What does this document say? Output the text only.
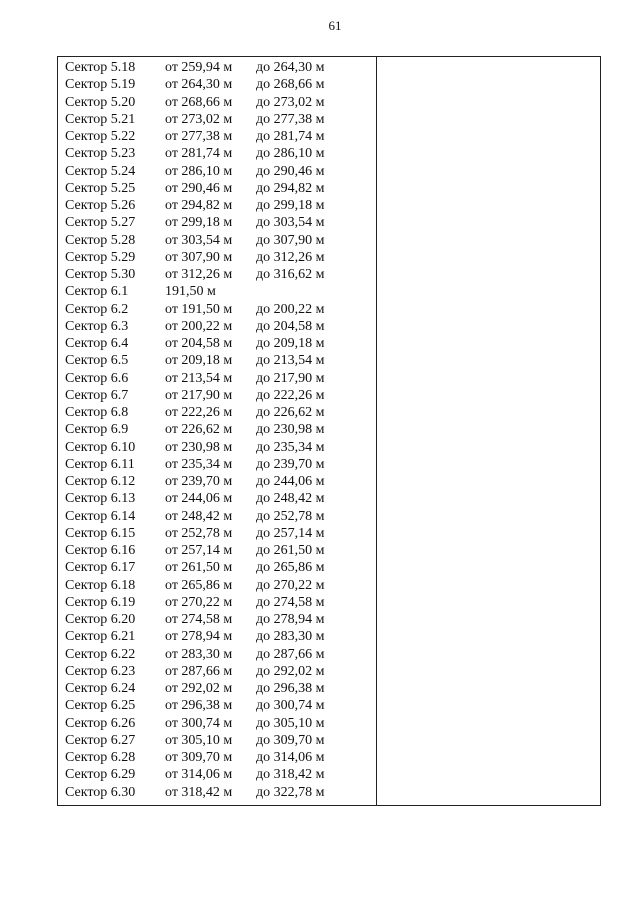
61
Сектор 5.18 от 259,94 м до 264,30 м
Сектор 5.19 от 264,30 м до 268,66 м
Сектор 5.20 от 268,66 м до 273,02 м
Сектор 5.21 от 273,02 м до 277,38 м
Сектор 5.22 от 277,38 м до 281,74 м
Сектор 5.23 от 281,74 м до 286,10 м
Сектор 5.24 от 286,10 м до 290,46 м
Сектор 5.25 от 290,46 м до 294,82 м
Сектор 5.26 от 294,82 м до 299,18 м
Сектор 5.27 от 299,18 м до 303,54 м
Сектор 5.28 от 303,54 м до 307,90 м
Сектор 5.29 от 307,90 м до 312,26 м
Сектор 5.30 от 312,26 м до 316,62 м
Сектор 6.1	191,50 м
Сектор 6.2	от 191,50 м до 200,22 м
Сектор 6.3	от 200,22 м до 204,58 м
Сектор 6.4	от 204,58 м до 209,18 м
Сектор 6.5	от 209,18 м до 213,54 м
Сектор 6.6	от 213,54 м до 217,90 м
Сектор 6.7	от 217,90 м до 222,26 м
Сектор 6.8	от 222,26 м до 226,62 м
Сектор 6.9	от 226,62 м до 230,98 м
Сектор 6.10 от 230,98 м до 235,34 м
Сектор 6.11 от 235,34 м до 239,70 м
Сектор 6.12 от 239,70 м до 244,06 м
Сектор 6.13 от 244,06 м до 248,42 м
Сектор 6.14 от 248,42 м до 252,78 м
Сектор 6.15 от 252,78 м до 257,14 м
Сектор 6.16 от 257,14 м до 261,50 м
Сектор 6.17 от 261,50 м до 265,86 м
Сектор 6.18 от 265,86 м до 270,22 м
Сектор 6.19 от 270,22 м до 274,58 м
Сектор 6.20 от 274,58 м до 278,94 м
Сектор 6.21 от 278,94 м до 283,30 м
Сектор 6.22 от 283,30 м до 287,66 м
Сектор 6.23 от 287,66 м до 292,02 м
Сектор 6.24 от 292,02 м до 296,38 м
Сектор 6.25 от 296,38 м до 300,74 м
Сектор 6.26 от 300,74 м до 305,10 м
Сектор 6.27 от 305,10 м до 309,70 м
Сектор 6.28 от 309,70 м до 314,06 м
Сектор 6.29 от 314,06 м до 318,42 м
Сектор 6.30 от 318,42 м до 322,78 м
